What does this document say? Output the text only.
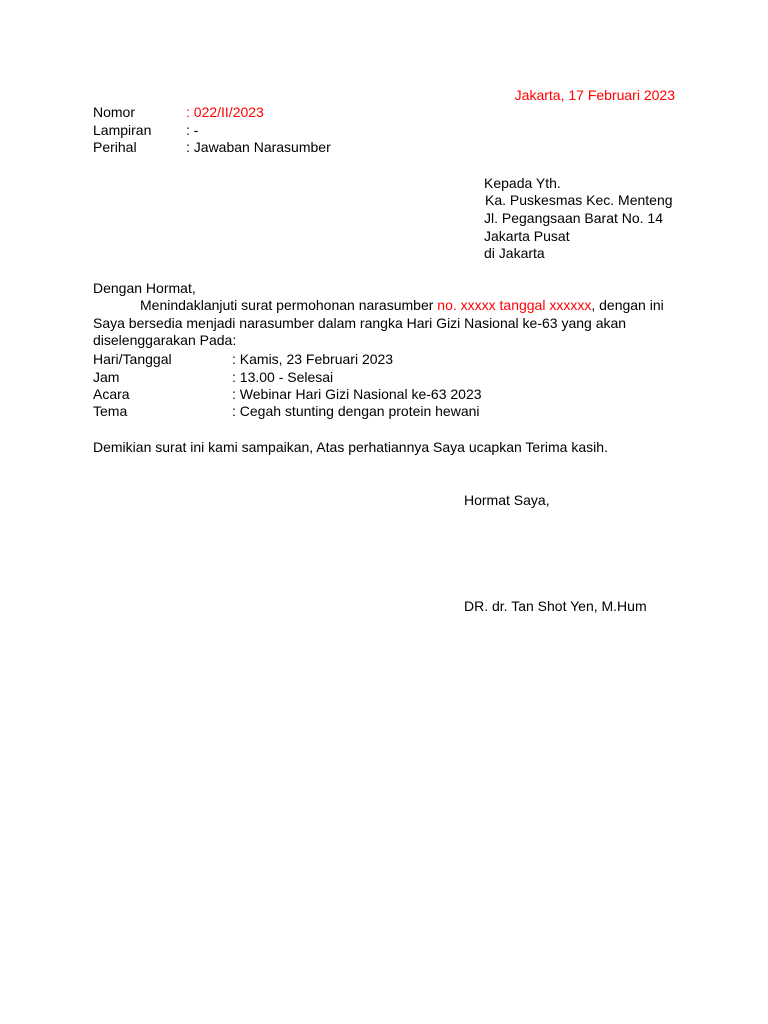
Jakarta, 17 Februari 2023
Nomor	: 022/II/2023
Lampiran : -
Perihal	: Jawaban Narasumber
Kepada Yth.
Ka. Puskesmas Kec. Menteng
Jl. Pegangsaan Barat No. 14
Jakarta Pusat
di Jakarta
Dengan Hormat,
Menindaklanjuti surat permohonan narasumber no. xxxxx tanggal xxxxxx, dengan ini
Saya bersedia menjadi narasumber dalam rangka Hari Gizi Nasional ke-63 yang akan
diselenggarakan Pada:
Hari/Tanggal	: Kamis, 23 Februari 2023
Jam	: 13.00 - Selesai
Acara	: Webinar Hari Gizi Nasional ke-63 2023
Tema	: Cegah stunting dengan protein hewani
Demikian surat ini kami sampaikan, Atas perhatiannya Saya ucapkan Terima kasih.
Hormat Saya,
DR. dr. Tan Shot Yen, M.Hum
